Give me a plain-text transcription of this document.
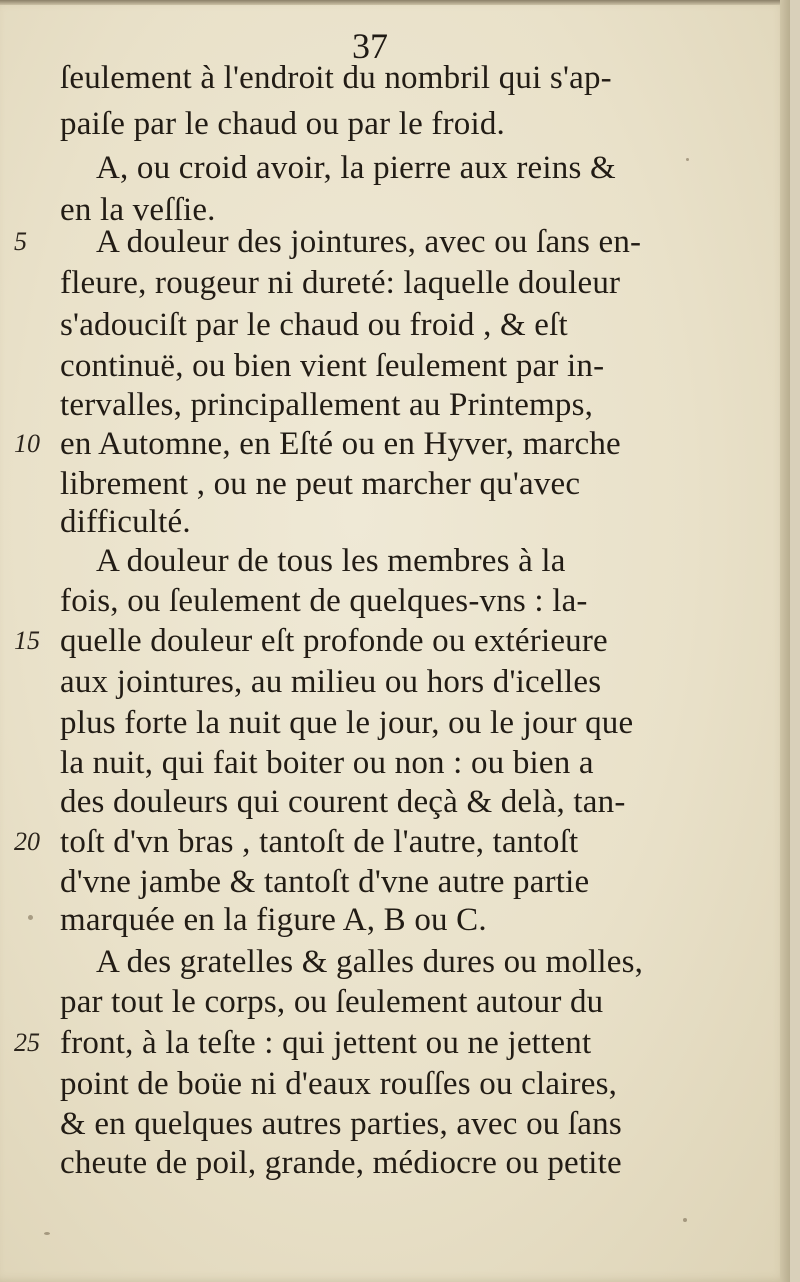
37
ſeulement à l'endroit du nombril qui s'ap-
paiſe par le chaud ou par le froid.
A, ou croid avoir, la pierre aux reins &
en la veſſie.
A douleur des jointures, avec ou ſans en-
fleure, rougeur ni dureté: laquelle douleur
s'adouciſt par le chaud ou froid , & eſt
continuë, ou bien vient ſeulement par in-
tervalles, principallement au Printemps,
en Automne, en Eſté ou en Hyver, marche
librement , ou ne peut marcher qu'avec
difficulté.
A douleur de tous les membres à la
fois, ou ſeulement de quelques-vns : la-
quelle douleur eſt profonde ou extérieure
aux jointures, au milieu ou hors d'icelles
plus forte la nuit que le jour, ou le jour que
la nuit, qui fait boiter ou non : ou bien a
des douleurs qui courent deçà & delà, tan-
toſt d'vn bras , tantoſt de l'autre, tantoſt
d'vne jambe & tantoſt d'vne autre partie
marquée en la figure A, B ou C.
A des gratelles & galles dures ou molles,
par tout le corps, ou ſeulement autour du
front, à la teſte : qui jettent ou ne jettent
point de boüe ni d'eaux rouſſes ou claires,
& en quelques autres parties, avec ou ſans
cheute de poil, grande, médiocre ou petite
5
10
15
20
25
